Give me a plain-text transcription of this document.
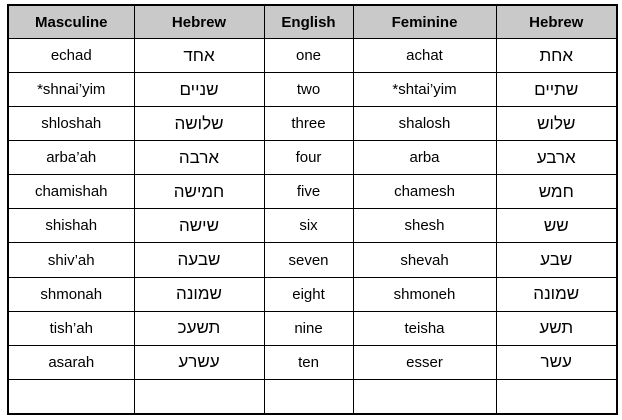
Masculine	Hebrew	English	Feminine	Hebrew
echad	אחד	one	achat	אחת
*shnai’yim	שניים	two	*shtai’yim	שתיים
shloshah	שלושה	three	shalosh	שלוש
arba’ah	ארבה	four	arba	ארבע
chamishah	חמישה	five	chamesh	חמש
shishah	שישה	six	shesh	שש
shiv’ah	שבעה	seven	shevah	שבע
shmonah	שמונה	eight	shmoneh	שמונה
tish’ah	תשעכ	nine	teisha	תשע
asarah	עשרע	ten	esser	עשר
